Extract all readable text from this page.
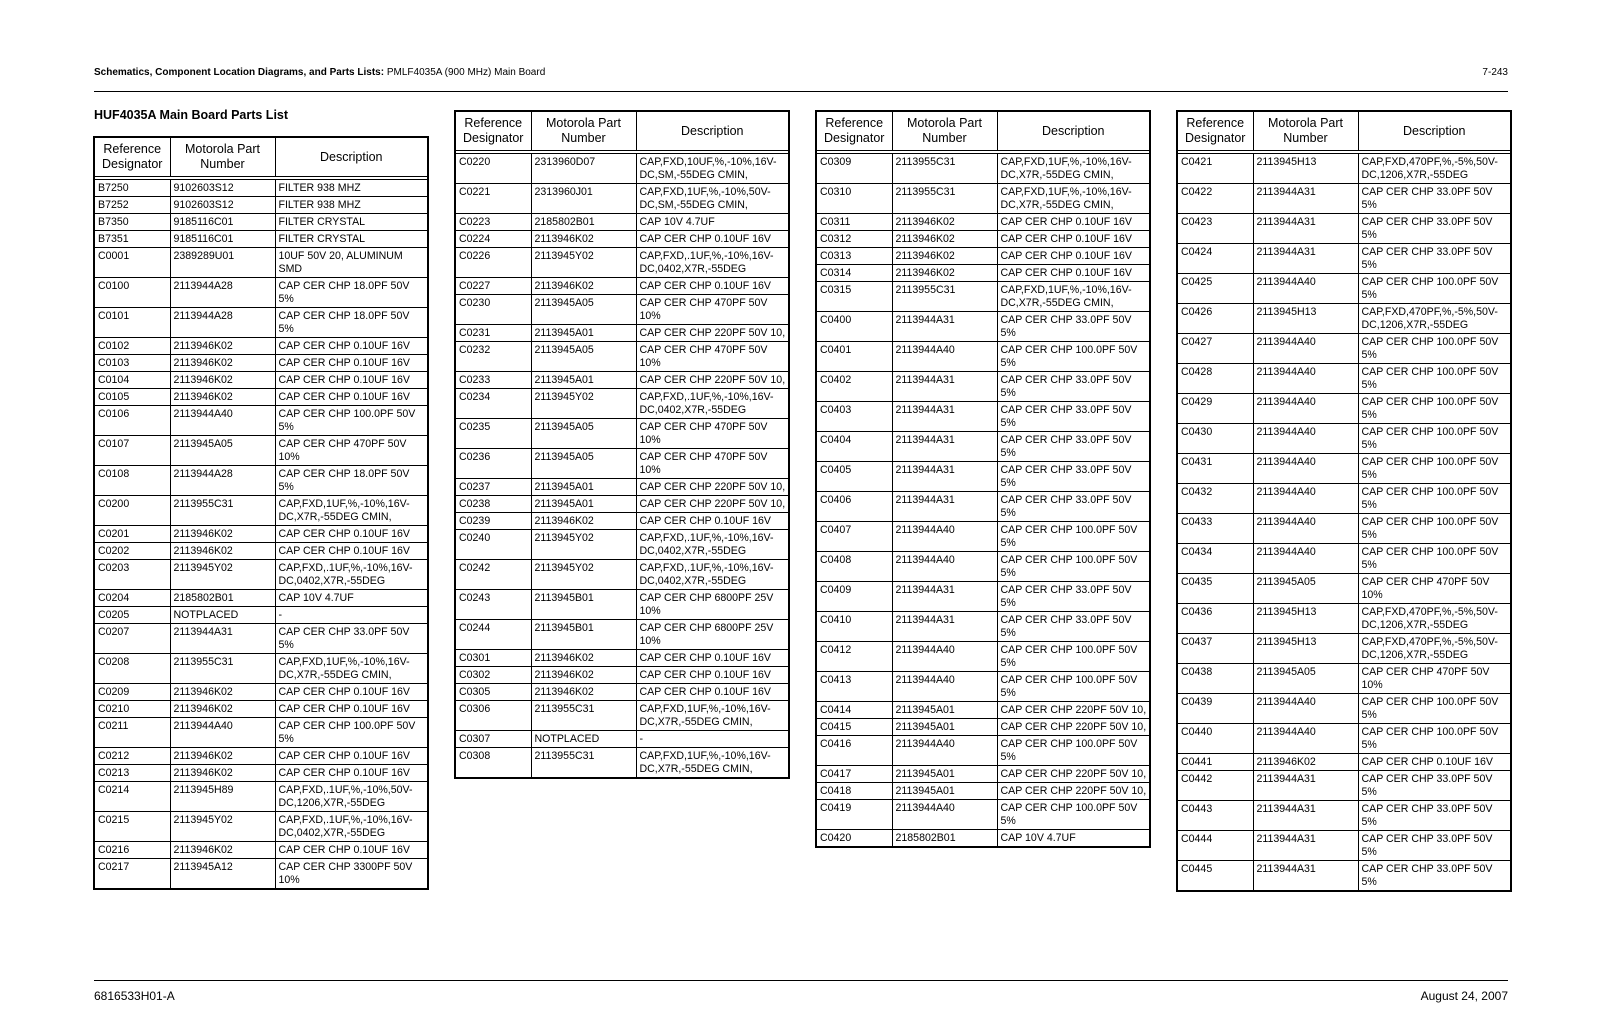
Schematics, Component Location Diagrams, and Parts Lists: PMLF4035A (900 MHz) Main Board	7-243
HUF4035A Main Board Parts List
Reference Designator	Motorola Part Number	Description
B7250	9102603S12	FILTER 938 MHZ
B7252	9102603S12	FILTER 938 MHZ
B7350	9185116C01	FILTER CRYSTAL
B7351	9185116C01	FILTER CRYSTAL
C0001	2389289U01	10UF 50V 20, ALUMINUM SMD
C0100	2113944A28	CAP CER CHP 18.0PF 50V 5%
C0101	2113944A28	CAP CER CHP 18.0PF 50V 5%
C0102	2113946K02	CAP CER CHP 0.10UF 16V
C0103	2113946K02	CAP CER CHP 0.10UF 16V
C0104	2113946K02	CAP CER CHP 0.10UF 16V
C0105	2113946K02	CAP CER CHP 0.10UF 16V
C0106	2113944A40	CAP CER CHP 100.0PF 50V 5%
C0107	2113945A05	CAP CER CHP 470PF 50V 10%
C0108	2113944A28	CAP CER CHP 18.0PF 50V 5%
C0200	2113955C31	CAP,FXD,1UF,%,-10%,16V-DC,X7R,-55DEG CMIN,
C0201	2113946K02	CAP CER CHP 0.10UF 16V
C0202	2113946K02	CAP CER CHP 0.10UF 16V
C0203	2113945Y02	CAP,FXD,.1UF,%,-10%,16V-DC,0402,X7R,-55DEG
C0204	2185802B01	CAP 10V 4.7UF
C0205	NOTPLACED	-
C0207	2113944A31	CAP CER CHP 33.0PF 50V 5%
C0208	2113955C31	CAP,FXD,1UF,%,-10%,16V-DC,X7R,-55DEG CMIN,
C0209	2113946K02	CAP CER CHP 0.10UF 16V
C0210	2113946K02	CAP CER CHP 0.10UF 16V
C0211	2113944A40	CAP CER CHP 100.0PF 50V 5%
C0212	2113946K02	CAP CER CHP 0.10UF 16V
C0213	2113946K02	CAP CER CHP 0.10UF 16V
C0214	2113945H89	CAP,FXD,.1UF,%,-10%,50V-DC,1206,X7R,-55DEG
C0215	2113945Y02	CAP,FXD,.1UF,%,-10%,16V-DC,0402,X7R,-55DEG
C0216	2113946K02	CAP CER CHP 0.10UF 16V
C0217	2113945A12	CAP CER CHP 3300PF 50V 10%
Reference Designator	Motorola Part Number	Description
C0220	2313960D07	CAP,FXD,10UF,%,-10%,16V-DC,SM,-55DEG CMIN,
C0221	2313960J01	CAP,FXD,1UF,%,-10%,50V-DC,SM,-55DEG CMIN,
C0223	2185802B01	CAP 10V 4.7UF
C0224	2113946K02	CAP CER CHP 0.10UF 16V
C0226	2113945Y02	CAP,FXD,.1UF,%,-10%,16V-DC,0402,X7R,-55DEG
C0227	2113946K02	CAP CER CHP 0.10UF 16V
C0230	2113945A05	CAP CER CHP 470PF 50V 10%
C0231	2113945A01	CAP CER CHP 220PF 50V 10,
C0232	2113945A05	CAP CER CHP 470PF 50V 10%
C0233	2113945A01	CAP CER CHP 220PF 50V 10,
C0234	2113945Y02	CAP,FXD,.1UF,%,-10%,16V-DC,0402,X7R,-55DEG
C0235	2113945A05	CAP CER CHP 470PF 50V 10%
C0236	2113945A05	CAP CER CHP 470PF 50V 10%
C0237	2113945A01	CAP CER CHP 220PF 50V 10,
C0238	2113945A01	CAP CER CHP 220PF 50V 10,
C0239	2113946K02	CAP CER CHP 0.10UF 16V
C0240	2113945Y02	CAP,FXD,.1UF,%,-10%,16V-DC,0402,X7R,-55DEG
C0242	2113945Y02	CAP,FXD,.1UF,%,-10%,16V-DC,0402,X7R,-55DEG
C0243	2113945B01	CAP CER CHP 6800PF 25V 10%
C0244	2113945B01	CAP CER CHP 6800PF 25V 10%
C0301	2113946K02	CAP CER CHP 0.10UF 16V
C0302	2113946K02	CAP CER CHP 0.10UF 16V
C0305	2113946K02	CAP CER CHP 0.10UF 16V
C0306	2113955C31	CAP,FXD,1UF,%,-10%,16V-DC,X7R,-55DEG CMIN,
C0307	NOTPLACED	-
C0308	2113955C31	CAP,FXD,1UF,%,-10%,16V-DC,X7R,-55DEG CMIN,
Reference Designator	Motorola Part Number	Description
C0309	2113955C31	CAP,FXD,1UF,%,-10%,16V-DC,X7R,-55DEG CMIN,
C0310	2113955C31	CAP,FXD,1UF,%,-10%,16V-DC,X7R,-55DEG CMIN,
C0311	2113946K02	CAP CER CHP 0.10UF 16V
C0312	2113946K02	CAP CER CHP 0.10UF 16V
C0313	2113946K02	CAP CER CHP 0.10UF 16V
C0314	2113946K02	CAP CER CHP 0.10UF 16V
C0315	2113955C31	CAP,FXD,1UF,%,-10%,16V-DC,X7R,-55DEG CMIN,
C0400	2113944A31	CAP CER CHP 33.0PF 50V 5%
C0401	2113944A40	CAP CER CHP 100.0PF 50V 5%
C0402	2113944A31	CAP CER CHP 33.0PF 50V 5%
C0403	2113944A31	CAP CER CHP 33.0PF 50V 5%
C0404	2113944A31	CAP CER CHP 33.0PF 50V 5%
C0405	2113944A31	CAP CER CHP 33.0PF 50V 5%
C0406	2113944A31	CAP CER CHP 33.0PF 50V 5%
C0407	2113944A40	CAP CER CHP 100.0PF 50V 5%
C0408	2113944A40	CAP CER CHP 100.0PF 50V 5%
C0409	2113944A31	CAP CER CHP 33.0PF 50V 5%
C0410	2113944A31	CAP CER CHP 33.0PF 50V 5%
C0412	2113944A40	CAP CER CHP 100.0PF 50V 5%
C0413	2113944A40	CAP CER CHP 100.0PF 50V 5%
C0414	2113945A01	CAP CER CHP 220PF 50V 10,
C0415	2113945A01	CAP CER CHP 220PF 50V 10,
C0416	2113944A40	CAP CER CHP 100.0PF 50V 5%
C0417	2113945A01	CAP CER CHP 220PF 50V 10,
C0418	2113945A01	CAP CER CHP 220PF 50V 10,
C0419	2113944A40	CAP CER CHP 100.0PF 50V 5%
C0420	2185802B01	CAP 10V 4.7UF
Reference Designator	Motorola Part Number	Description
C0421	2113945H13	CAP,FXD,470PF,%,-5%,50V-DC,1206,X7R,-55DEG
C0422	2113944A31	CAP CER CHP 33.0PF 50V 5%
C0423	2113944A31	CAP CER CHP 33.0PF 50V 5%
C0424	2113944A31	CAP CER CHP 33.0PF 50V 5%
C0425	2113944A40	CAP CER CHP 100.0PF 50V 5%
C0426	2113945H13	CAP,FXD,470PF,%,-5%,50V-DC,1206,X7R,-55DEG
C0427	2113944A40	CAP CER CHP 100.0PF 50V 5%
C0428	2113944A40	CAP CER CHP 100.0PF 50V 5%
C0429	2113944A40	CAP CER CHP 100.0PF 50V 5%
C0430	2113944A40	CAP CER CHP 100.0PF 50V 5%
C0431	2113944A40	CAP CER CHP 100.0PF 50V 5%
C0432	2113944A40	CAP CER CHP 100.0PF 50V 5%
C0433	2113944A40	CAP CER CHP 100.0PF 50V 5%
C0434	2113944A40	CAP CER CHP 100.0PF 50V 5%
C0435	2113945A05	CAP CER CHP 470PF 50V 10%
C0436	2113945H13	CAP,FXD,470PF,%,-5%,50V-DC,1206,X7R,-55DEG
C0437	2113945H13	CAP,FXD,470PF,%,-5%,50V-DC,1206,X7R,-55DEG
C0438	2113945A05	CAP CER CHP 470PF 50V 10%
C0439	2113944A40	CAP CER CHP 100.0PF 50V 5%
C0440	2113944A40	CAP CER CHP 100.0PF 50V 5%
C0441	2113946K02	CAP CER CHP 0.10UF 16V
C0442	2113944A31	CAP CER CHP 33.0PF 50V 5%
C0443	2113944A31	CAP CER CHP 33.0PF 50V 5%
C0444	2113944A31	CAP CER CHP 33.0PF 50V 5%
C0445	2113944A31	CAP CER CHP 33.0PF 50V 5%
6816533H01-A	August 24, 2007
